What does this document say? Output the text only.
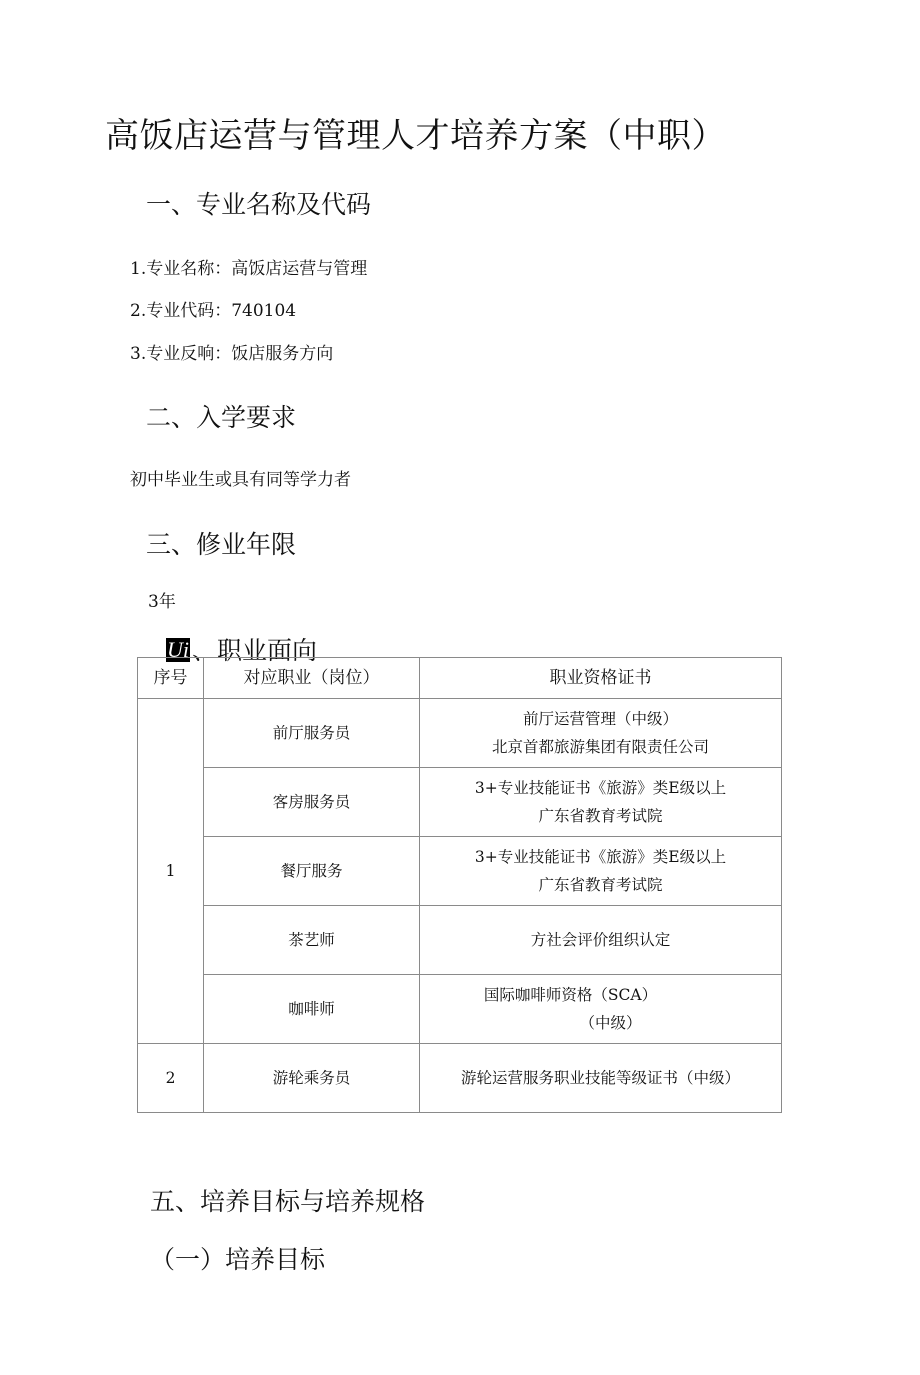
高饭店运营与管理人才培养方案（中职）
一、专业名称及代码
1.专业名称：高饭店运营与管理
2.专业代码：740104
3.专业反响：饭店服务方向
二、入学要求
初中毕业生或具有同等学力者
三、修业年限
3年
Ui 、职业面向
序号	对应职业（岗位）	职业资格证书
1	前厅服务员	前厅运营管理（中级）
北京首都旅游集团有限责任公司

	客房服务员	3+专业技能证书《旅游》类E级以上
广东省教育考试院

	餐厅服务	3+专业技能证书《旅游》类E级以上
广东省教育考试院

	茶艺师	方社会评价组织认定

	咖啡师	国际咖啡师资格（SCA）
（中级）

2	游轮乘务员	游轮运营服务职业技能等级证书（中级）
五、培养目标与培养规格
（一）培养目标
